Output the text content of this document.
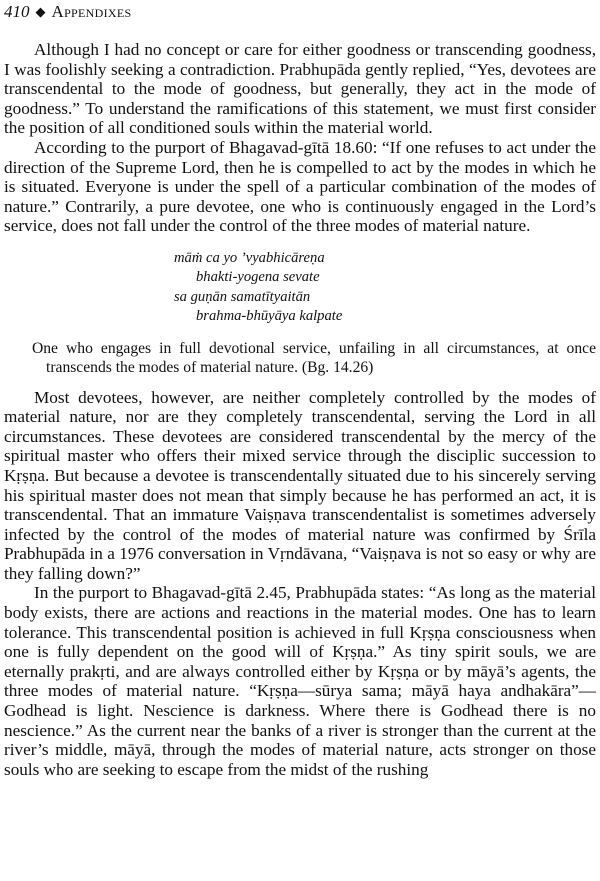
410 ◆ Appendixes

Although I had no concept or care for either goodness or transcending goodness, I was foolishly seeking a contradiction. Prabhupāda gently replied, “Yes, devotees are transcendental to the mode of goodness, but generally, they act in the mode of goodness.” To understand the ramifications of this statement, we must first consider the position of all conditioned souls within the material world.

According to the purport of Bhagavad-gītā 18.60: “If one refuses to act under the direction of the Supreme Lord, then he is compelled to act by the modes in which he is situated. Everyone is under the spell of a particular combination of the modes of nature.” Contrarily, a pure devotee, one who is continuously engaged in the Lord’s service, does not fall under the control of the three modes of material nature.

māṁ ca yo ’vyabhicāreṇa
bhakti-yogena sevate
sa guṇān samatītyaitān
brahma-bhūyāya kalpate
One who engages in full devotional service, unfailing in all circumstances, at once transcends the modes of material nature. (Bg. 14.26)

Most devotees, however, are neither completely controlled by the modes of material nature, nor are they completely transcendental, serving the Lord in all circumstances. These devotees are considered transcendental by the mercy of the spiritual master who offers their mixed service through the disciplic succession to Kṛṣṇa. But because a devotee is transcendentally situated due to his sincerely serving his spiritual master does not mean that simply because he has performed an act, it is transcendental. That an immature Vaiṣṇava transcendentalist is sometimes adversely infected by the control of the modes of material nature was confirmed by Śrīla Prabhupāda in a 1976 conversation in Vṛndāvana, “Vaiṣṇava is not so easy or why are they falling down?”

In the purport to Bhagavad-gītā 2.45, Prabhupāda states: “As long as the material body exists, there are actions and reactions in the material modes. One has to learn tolerance. This transcendental position is achieved in full Kṛṣṇa consciousness when one is fully dependent on the good will of Kṛṣṇa.” As tiny spirit souls, we are eternally prakṛti, and are always controlled either by Kṛṣṇa or by māyā’s agents, the three modes of material nature. “Kṛṣṇa—sūrya sama; māyā haya andhakāra”—Godhead is light. Nescience is darkness. Where there is Godhead there is no nescience.” As the current near the banks of a river is stronger than the current at the river’s middle, māyā, through the modes of material nature, acts stronger on those souls who are seeking to escape from the midst of the rushing
